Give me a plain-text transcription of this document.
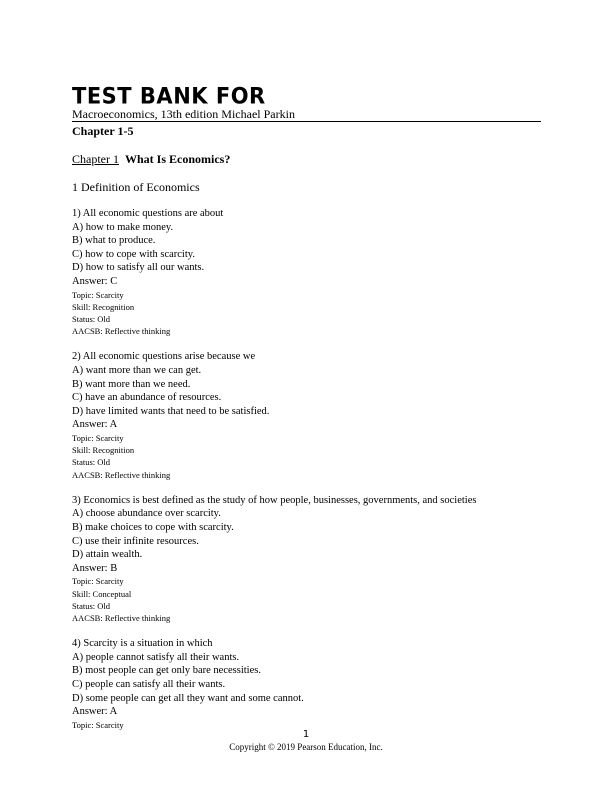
TEST BANK FOR
Macroeconomics, 13th edition Michael Parkin
Chapter 1-5
Chapter 1 What Is Economics?
1 Definition of Economics
1) All economic questions are about
A) how to make money.
B) what to produce.
C) how to cope with scarcity.
D) how to satisfy all our wants.
Answer: C
Topic: Scarcity
Skill: Recognition
Status: Old
AACSB: Reflective thinking
2) All economic questions arise because we
A) want more than we can get.
B) want more than we need.
C) have an abundance of resources.
D) have limited wants that need to be satisfied.
Answer: A
Topic: Scarcity
Skill: Recognition
Status: Old
AACSB: Reflective thinking
3) Economics is best defined as the study of how people, businesses, governments, and societies
A) choose abundance over scarcity.
B) make choices to cope with scarcity.
C) use their infinite resources.
D) attain wealth.
Answer: B
Topic: Scarcity
Skill: Conceptual
Status: Old
AACSB: Reflective thinking
4) Scarcity is a situation in which
A) people cannot satisfy all their wants.
B) most people can get only bare necessities.
C) people can satisfy all their wants.
D) some people can get all they want and some cannot.
Answer: A
Topic: Scarcity
1
Copyright © 2019 Pearson Education, Inc.
